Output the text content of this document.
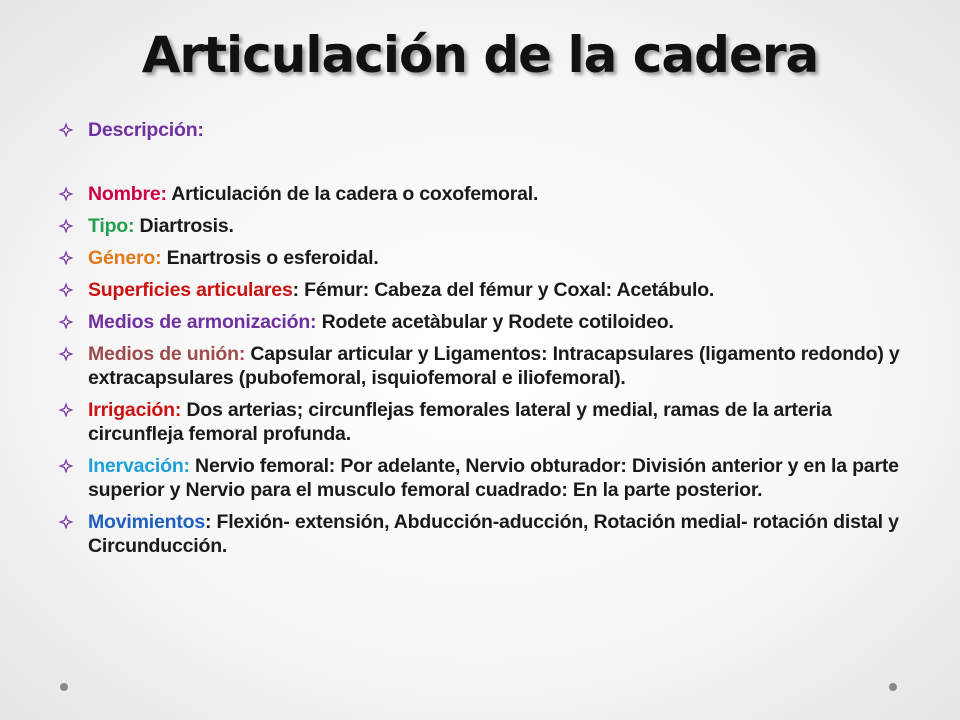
Articulación de la cadera
Descripción:
Nombre: Articulación de la cadera o coxofemoral.
Tipo: Diartrosis.
Género: Enartrosis o esferoidal.
Superficies articulares: Fémur: Cabeza del fémur y Coxal: Acetábulo.
Medios de armonización: Rodete acetàbular y Rodete cotiloideo.
Medios de unión: Capsular articular y Ligamentos: Intracapsulares (ligamento redondo) y extracapsulares (pubofemoral, isquiofemoral e iliofemoral).
Irrigación: Dos arterias; circunflejas femorales lateral y medial, ramas de la arteria circunfleja femoral profunda.
Inervación: Nervio femoral: Por adelante, Nervio obturador: División anterior y en la parte superior y Nervio para el musculo femoral cuadrado: En la parte posterior.
Movimientos: Flexión- extensión, Abducción-aducción, Rotación medial- rotación distal y Circunducción.
